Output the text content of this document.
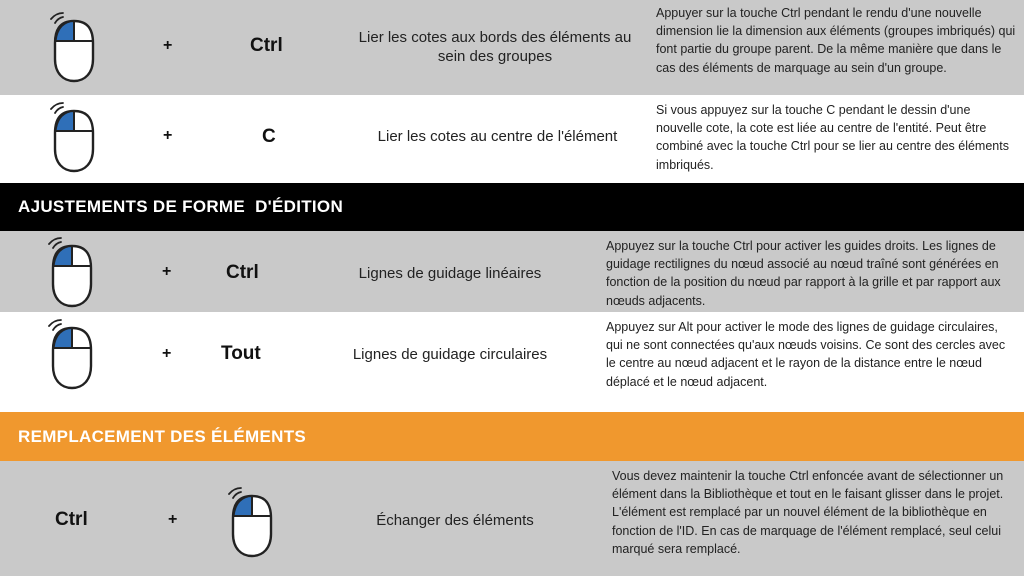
+	Ctrl	Lier les cotes aux bords des éléments au sein des groupes
Appuyer sur la touche Ctrl pendant le rendu d'une nouvelle dimension lie la dimension aux éléments (groupes imbriqués) qui font partie du groupe parent. De la même manière que dans le cas des éléments de marquage au sein d'un groupe.
+	C	Lier les cotes au centre de l'élément
Si vous appuyez sur la touche C pendant le dessin d'une nouvelle cote, la cote est liée au centre de l'entité. Peut être combiné avec la touche Ctrl pour se lier au centre des éléments imbriqués.
AJUSTEMENTS DE FORME  D'ÉDITION
+	Ctrl	Lignes de guidage linéaires
Appuyez sur la touche Ctrl pour activer les guides droits. Les lignes de guidage rectilignes du nœud associé au nœud traîné sont générées en fonction de la position du nœud par rapport à la grille et par rapport aux nœuds adjacents.
+	Tout	Lignes de guidage circulaires
Appuyez sur Alt pour activer le mode des lignes de guidage circulaires, qui ne sont connectées qu'aux nœuds voisins. Ce sont des cercles avec le centre au nœud adjacent et le rayon de la distance entre le nœud déplacé et le nœud adjacent.
REMPLACEMENT DES ÉLÉMENTS
Ctrl	+	Échanger des éléments
Vous devez maintenir la touche Ctrl enfoncée avant de sélectionner un élément dans la Bibliothèque et tout en le faisant glisser dans le projet. L'élément est remplacé par un nouvel élément de la bibliothèque en fonction de l'ID. En cas de marquage de l'élément remplacé, seul celui marqué sera remplacé.
